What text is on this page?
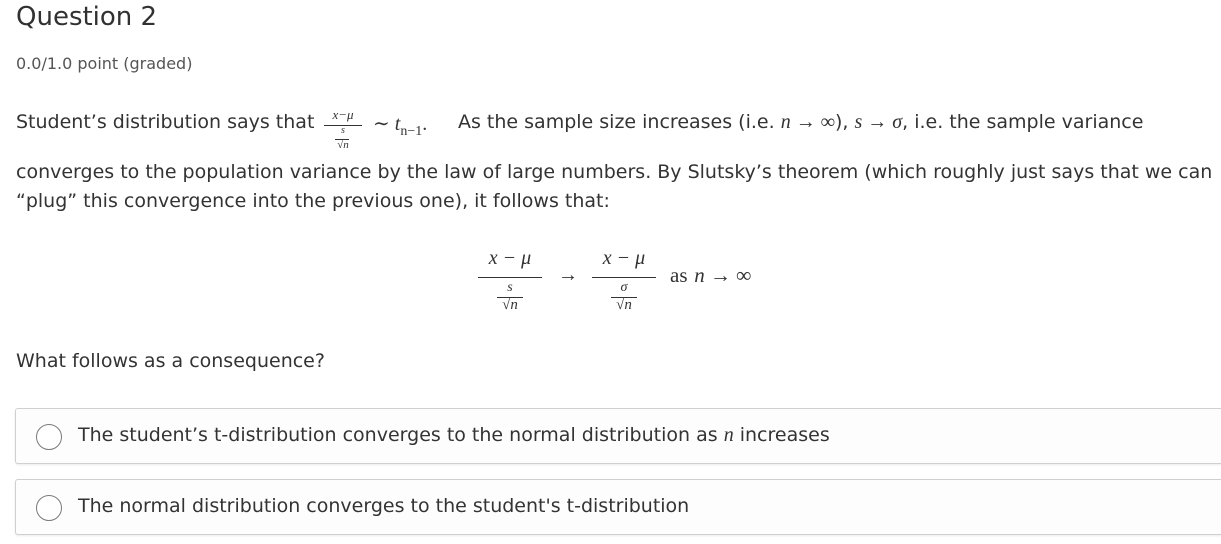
Question 2
0.0/1.0 point (graded)
Student’s distribution says that	x−μ
s
√n
∼ $t_{n-1}$. As the sample size increases (i.e. n → ∞), s → σ, i.e. the sample variance
converges to the population variance by the law of large numbers. By Slutsky’s theorem (which roughly just says that we can
“plug” this convergence into the previous one), it follows that:
x − μ
s
√n
→
x − μ
σ
√n
as n → ∞
What follows as a consequence?
The student’s t-distribution converges to the normal distribution as n increases
The normal distribution converges to the student's t-distribution
